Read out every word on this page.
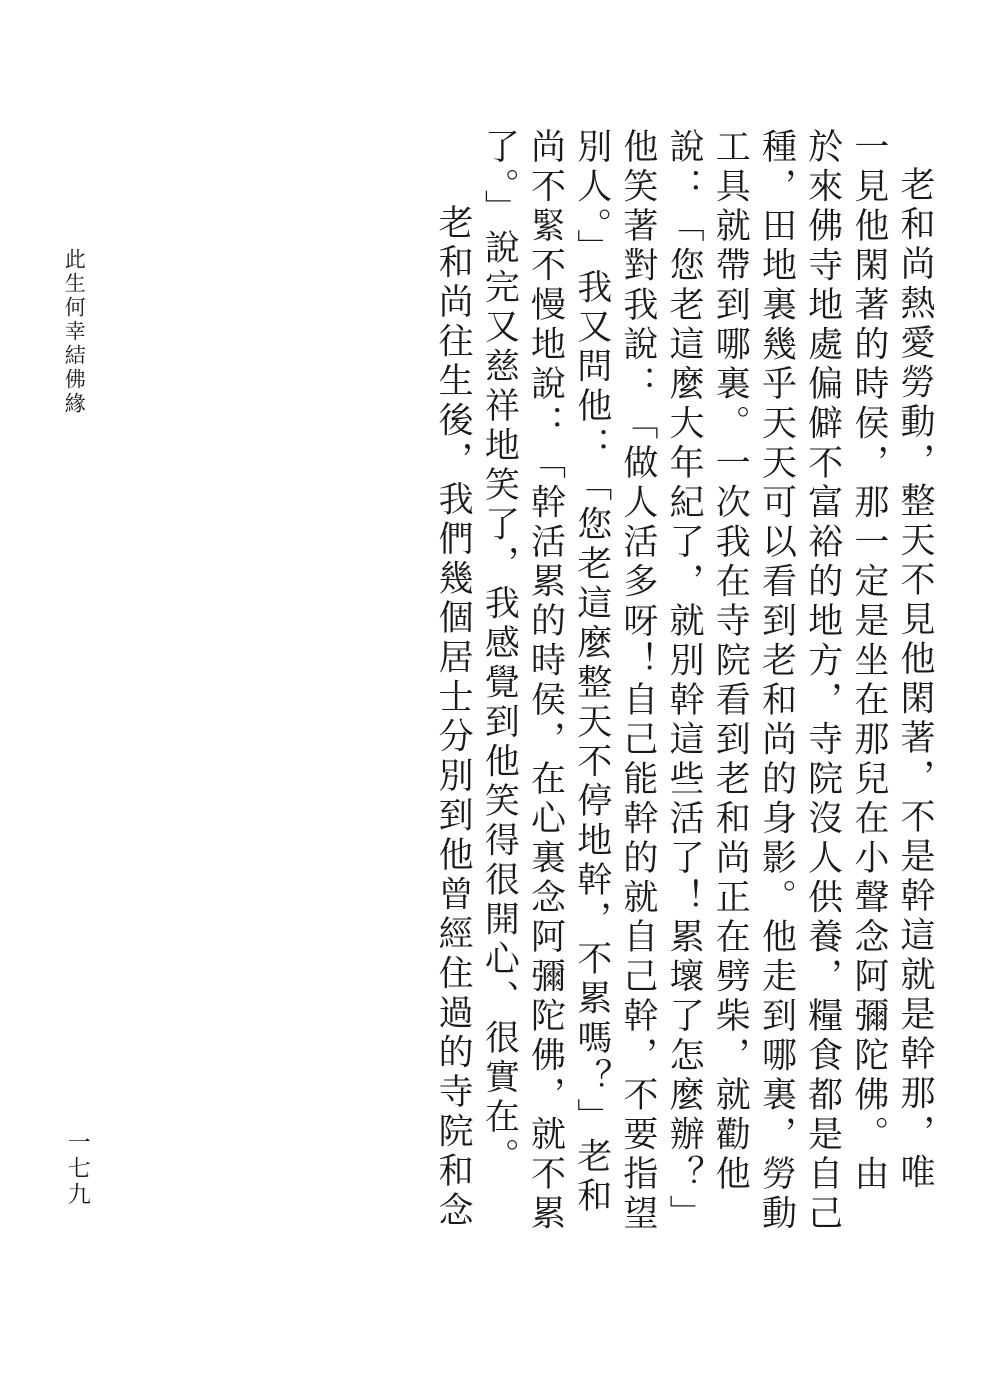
此生何幸結佛緣	老和尚熱愛勞動，整天不見他閑著，不是幹這就是幹那，唯
一見他閑著的時侯，那一定是坐在那兒在小聲念阿彌陀佛。由
於來佛寺地處偏僻不富裕的地方，寺院沒人供養，糧食都是自己
種，田地裏幾乎天天可以看到老和尚的身影。他走到哪裏，勞動
工具就帶到哪裏。一次我在寺院看到老和尚正在劈柴，就勸他
說：「您老這麼大年紀了，就別幹這些活了！累壞了怎麼辦？」
他笑著對我說：「做人活多呀！自己能幹的就自己幹，不要指望
別人。」我又問他：「您老這麼整天不停地幹，不累嗎？」老和
尚不緊不慢地說：「幹活累的時侯，在心裏念阿彌陀佛，就不累
了。」說完又慈祥地笑了，我感覺到他笑得很開心、很實在。
老和尚往生後，我們幾個居士分別到他曾經住過的寺院和念
一七九
